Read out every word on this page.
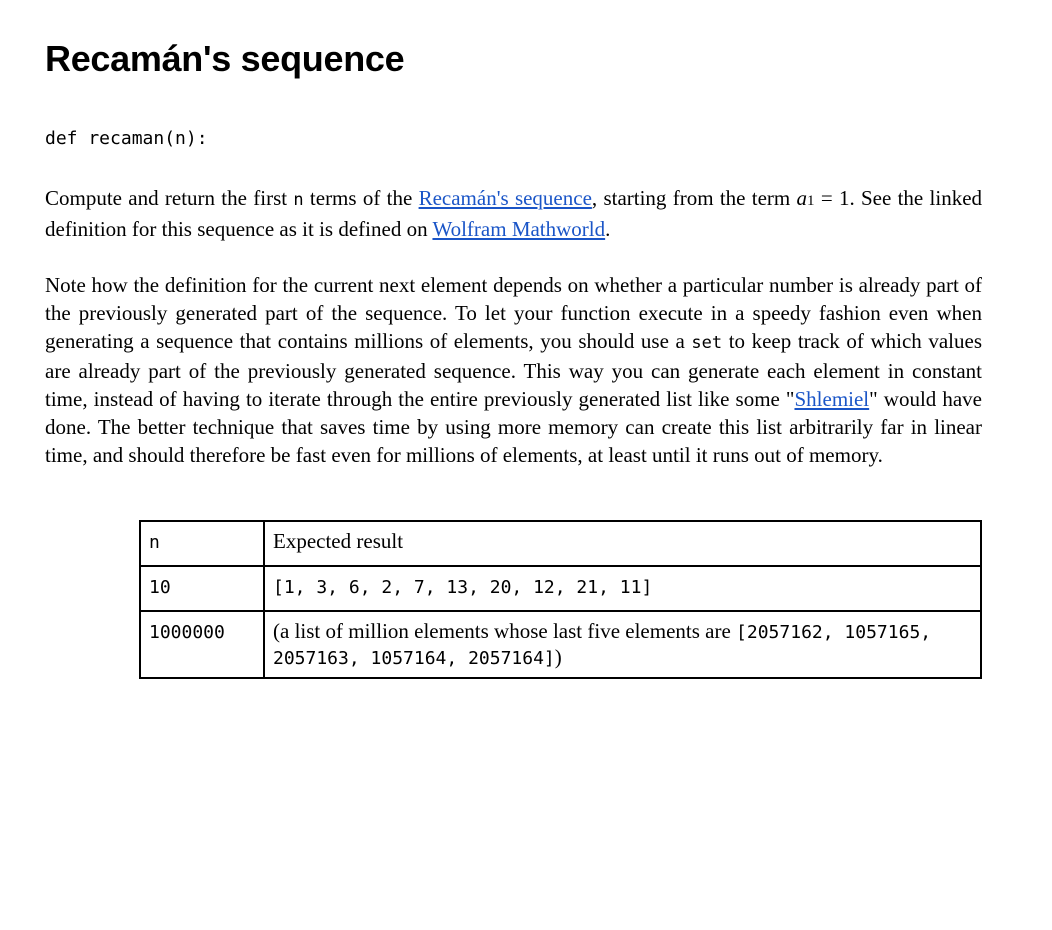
Recamán's sequence
def recaman(n):

Compute and return the first n terms of the Recamán's sequence, starting from the term a1 = 1. See the linked definition for this sequence as it is defined on Wolfram Mathworld.

Note how the definition for the current next element depends on whether a particular number is already part of the previously generated part of the sequence. To let your function execute in a speedy fashion even when generating a sequence that contains millions of elements, you should use a set to keep track of which values are already part of the previously generated sequence. This way you can generate each element in constant time, instead of having to iterate through the entire previously generated list like some "Shlemiel" would have done. The better technique that saves time by using more memory can create this list arbitrarily far in linear time, and should therefore be fast even for millions of elements, at least until it runs out of memory.

n	Expected result
10	[1, 3, 6, 2, 7, 13, 20, 12, 21, 11]
1000000	(a list of million elements whose last five elements are [2057162, 1057165, 2057163, 1057164, 2057164])
